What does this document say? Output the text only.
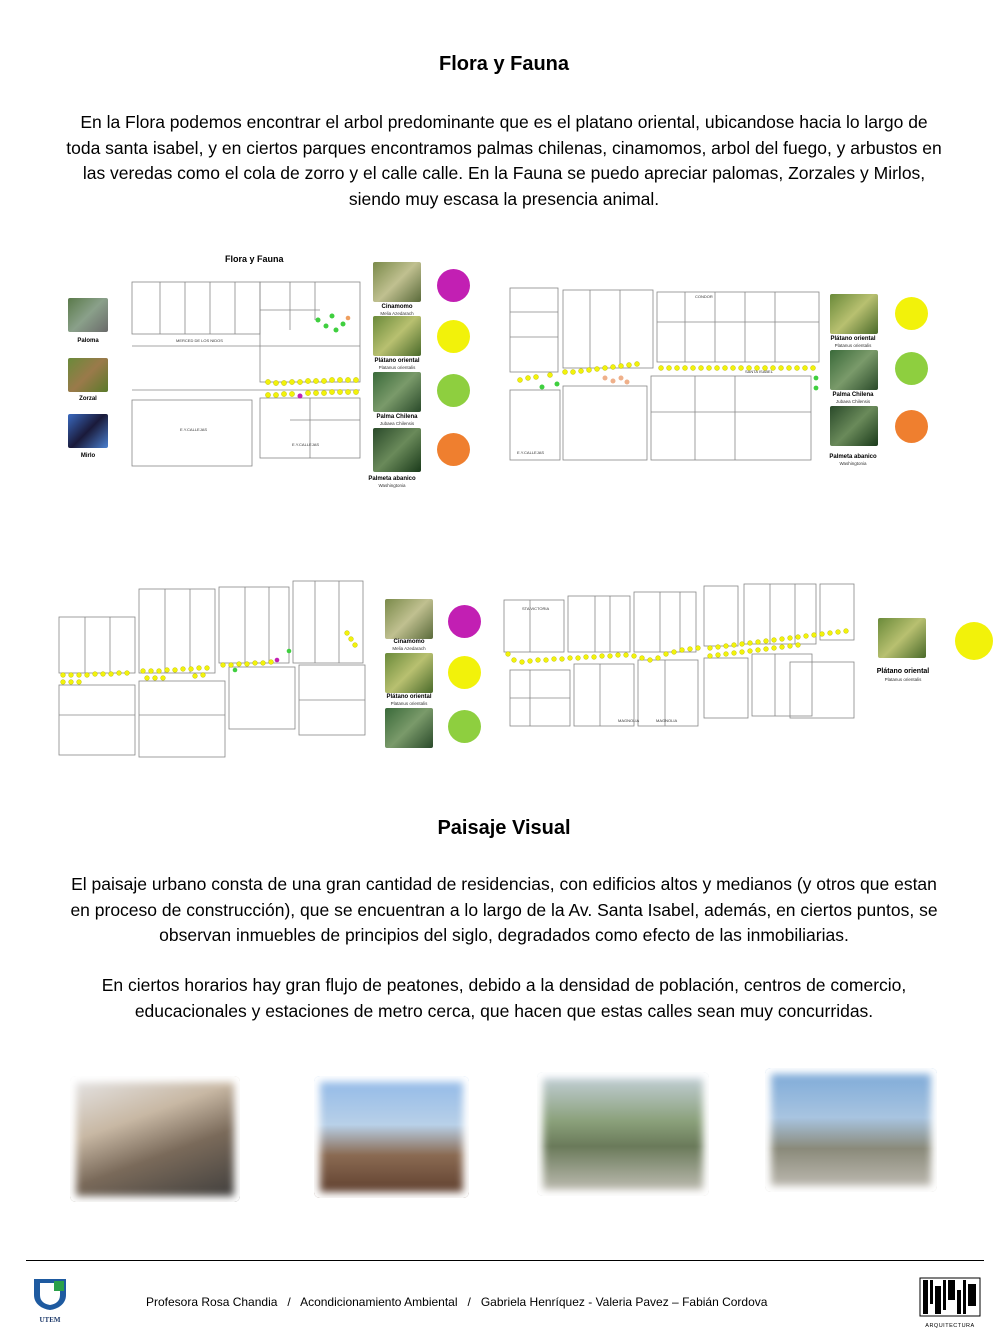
Flora y Fauna
En la Flora podemos encontrar el arbol predominante que es el platano oriental, ubicandose hacia lo largo de toda santa isabel, y en ciertos parques encontramos palmas chilenas, cinamomos, arbol del fuego, y arbustos en las veredas como el cola de zorro y el calle calle. En la Fauna se puedo apreciar palomas, Zorzales y Mirlos, siendo muy escasa la presencia animal.
MERCED DE LOS NIDOS
E.Y.CALLEJAS
E.Y.CALLEJAS
Flora y Fauna
Paloma
Zorzal
Mirlo
Cinamomo
Melia Azedarach
Plátano oriental
Platanus orientalis
Palma Chilena
Jubaea Chilensis
Palmeta abanico
Washingtonia
CONDOR
E.Y.CALLEJAS
SANTA ISABEL
Plátano oriental
Platanus orientalis
Palma Chilena
Jubaea Chilensis
Palmeta abanico
Washingtonia
Cinamomo
Melia Azedarach
Plátano oriental
Platanus orientalis
STA VICTORIA
MAGNOLIA	MAGNOLIA
Plátano oriental
Platanus orientalis
Paisaje Visual
El paisaje urbano consta de una gran cantidad de residencias, con edificios altos y medianos (y otros que estan en proceso de construcción), que se encuentran a lo largo de la Av. Santa Isabel, además, en ciertos puntos, se observan inmuebles de principios del siglo, degradados como efecto de las inmobiliarias.
En ciertos horarios hay gran flujo de peatones, debido a la densidad de población, centros de comercio, educacionales y estaciones de metro cerca, que hacen que estas calles sean muy concurridas.
UTEM
Profesora Rosa Chandia   /   Acondicionamiento Ambiental   /   Gabriela Henríquez - Valeria Pavez – Fabián Cordova
ARQUITECTURA
